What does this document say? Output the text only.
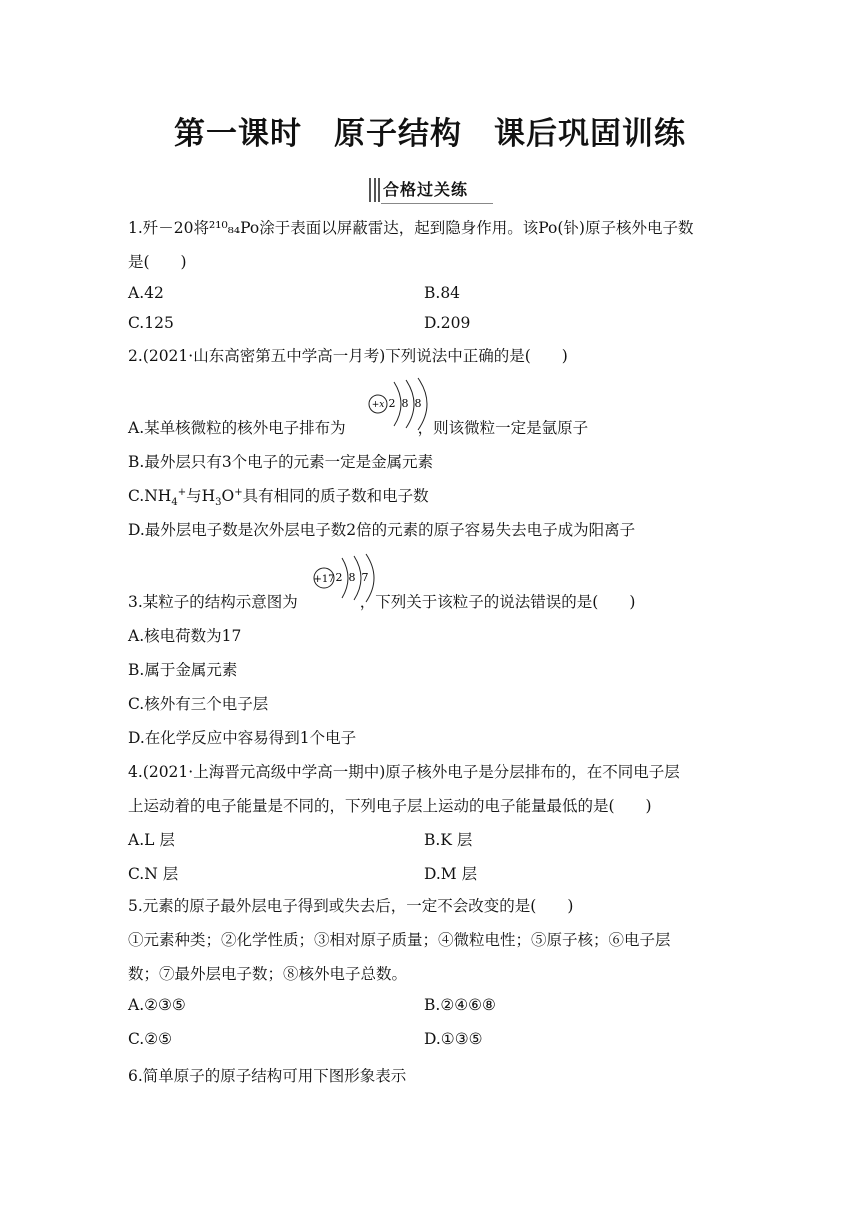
第一课时　原子结构　课后巩固训练
合格过关练
1.歼－20将²¹⁰₈₄Po涂于表面以屏蔽雷达，起到隐身作用。该Po(钋)原子核外电子数
是(　　)
A.42	B.84
C.125	D.209
2.(2021·山东高密第五中学高一月考)下列说法中正确的是(　　)
A.某单核微粒的核外电子排布为	，则该微粒一定是氩原子
+x 2 8 8
B.最外层只有3个电子的元素一定是金属元素
$C.NH_4^+$与$H_3O^+$具有相同的质子数和电子数
D.最外层电子数是次外层电子数2倍的元素的原子容易失去电子成为阳离子
3.某粒子的结构示意图为	，下列关于该粒子的说法错误的是(　　)
+17 2 8 7
A.核电荷数为17
B.属于金属元素
C.核外有三个电子层
D.在化学反应中容易得到1个电子
4.(2021·上海晋元高级中学高一期中)原子核外电子是分层排布的，在不同电子层
上运动着的电子能量是不同的，下列电子层上运动的电子能量最低的是(　　)
A.L 层	B.K 层
C.N 层	D.M 层
5.元素的原子最外层电子得到或失去后，一定不会改变的是(　　)
①元素种类；②化学性质；③相对原子质量；④微粒电性；⑤原子核；⑥电子层
数；⑦最外层电子数；⑧核外电子总数。
A.②③⑤	B.②④⑥⑧
C.②⑤	D.①③⑤
6.简单原子的原子结构可用下图形象表示
